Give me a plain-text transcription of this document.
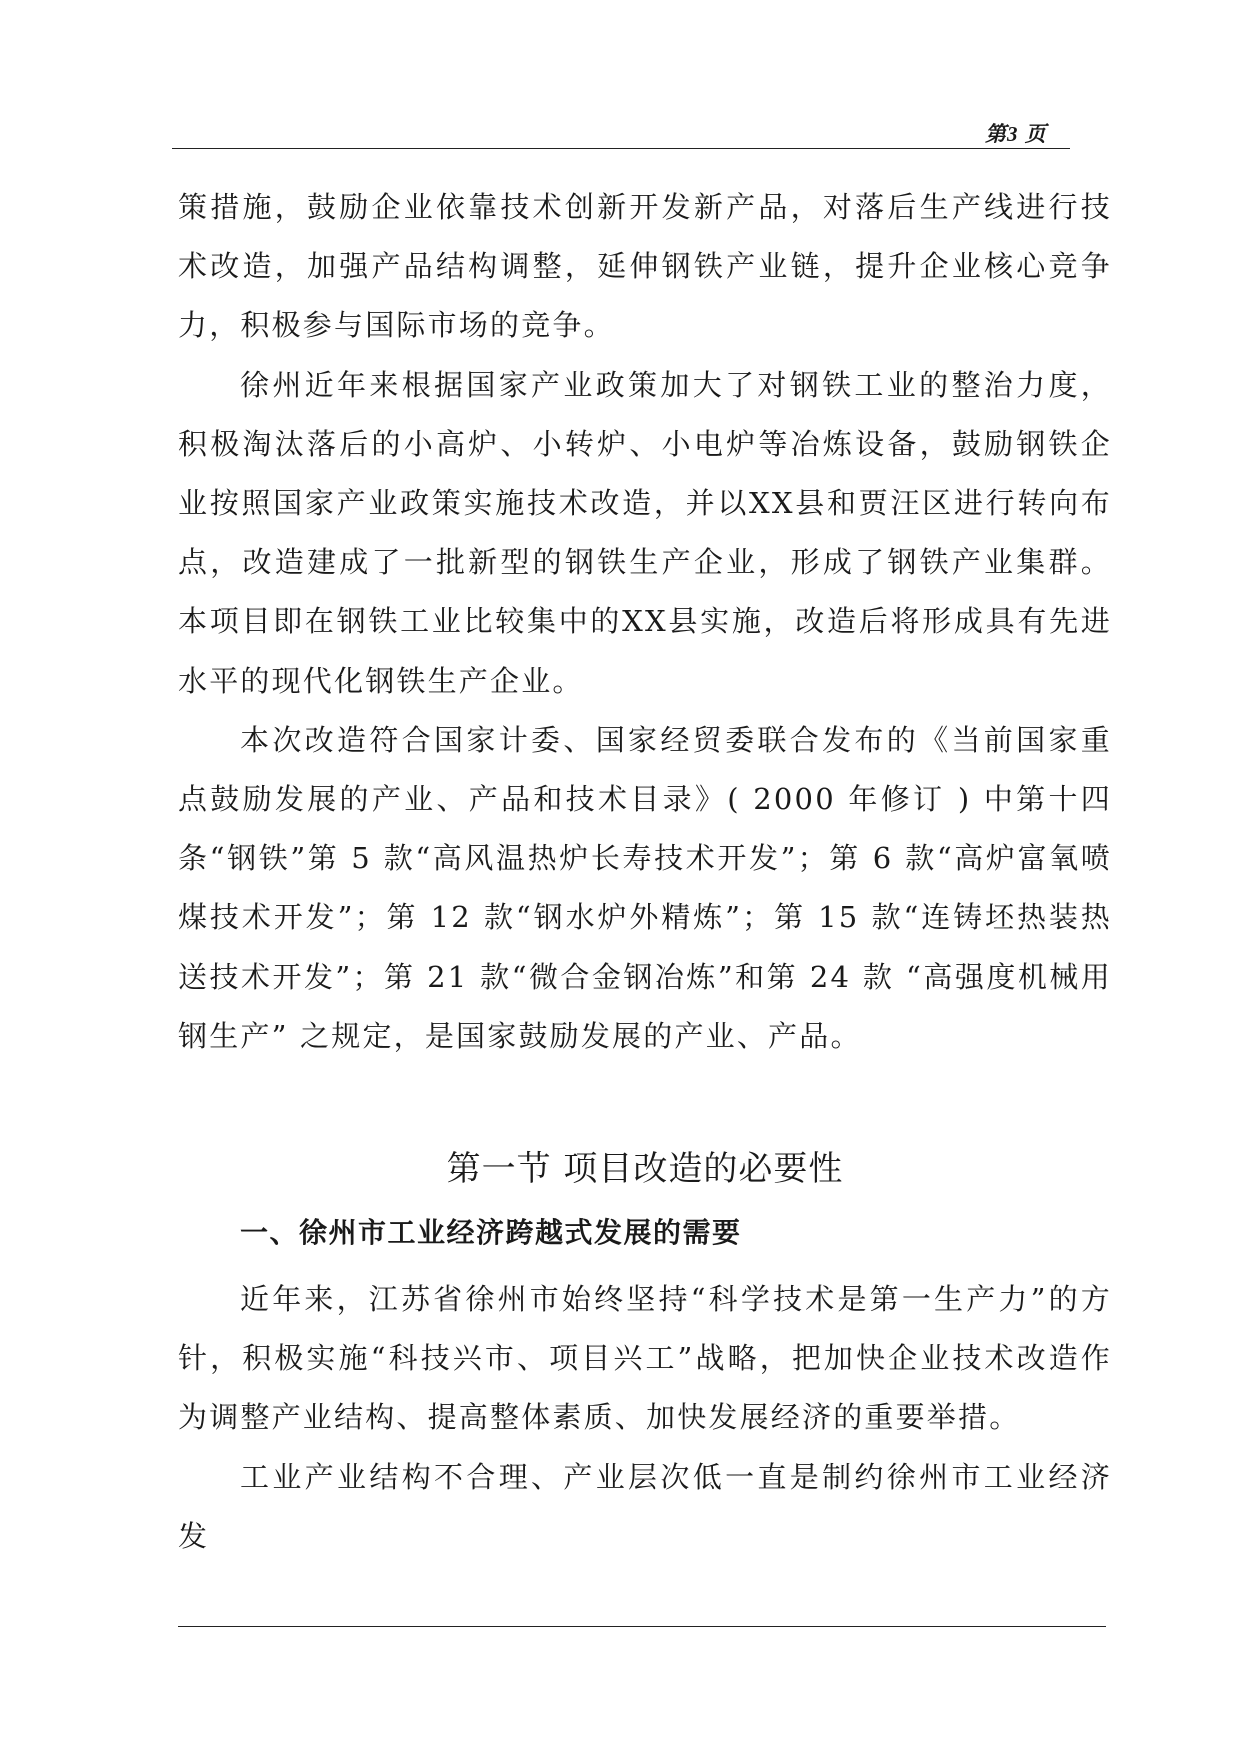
第3 页

策措施，鼓励企业依靠技术创新开发新产品，对落后生产线进行技术改造，加强产品结构调整，延伸钢铁产业链，提升企业核心竞争力，积极参与国际市场的竞争。

徐州近年来根据国家产业政策加大了对钢铁工业的整治力度，积极淘汰落后的小高炉、小转炉、小电炉等冶炼设备，鼓励钢铁企业按照国家产业政策实施技术改造，并以XX县和贾汪区进行转向布点，改造建成了一批新型的钢铁生产企业，形成了钢铁产业集群。本项目即在钢铁工业比较集中的XX县实施，改造后将形成具有先进水平的现代化钢铁生产企业。

本次改造符合国家计委、国家经贸委联合发布的《当前国家重点鼓励发展的产业、产品和技术目录》( 2000 年修订 ) 中第十四条“钢铁”第 5 款“高风温热炉长寿技术开发”；第 6 款“高炉富氧喷煤技术开发”；第 12 款“钢水炉外精炼”；第 15 款“连铸坯热装热送技术开发”；第 21 款“微合金钢冶炼”和第 24 款 “高强度机械用钢生产” 之规定，是国家鼓励发展的产业、产品。

第一节 项目改造的必要性
一、徐州市工业经济跨越式发展的需要

近年来，江苏省徐州市始终坚持“科学技术是第一生产力”的方针，积极实施“科技兴市、项目兴工”战略，把加快企业技术改造作为调整产业结构、提高整体素质、加快发展经济的重要举措。

工业产业结构不合理、产业层次低一直是制约徐州市工业经济发
